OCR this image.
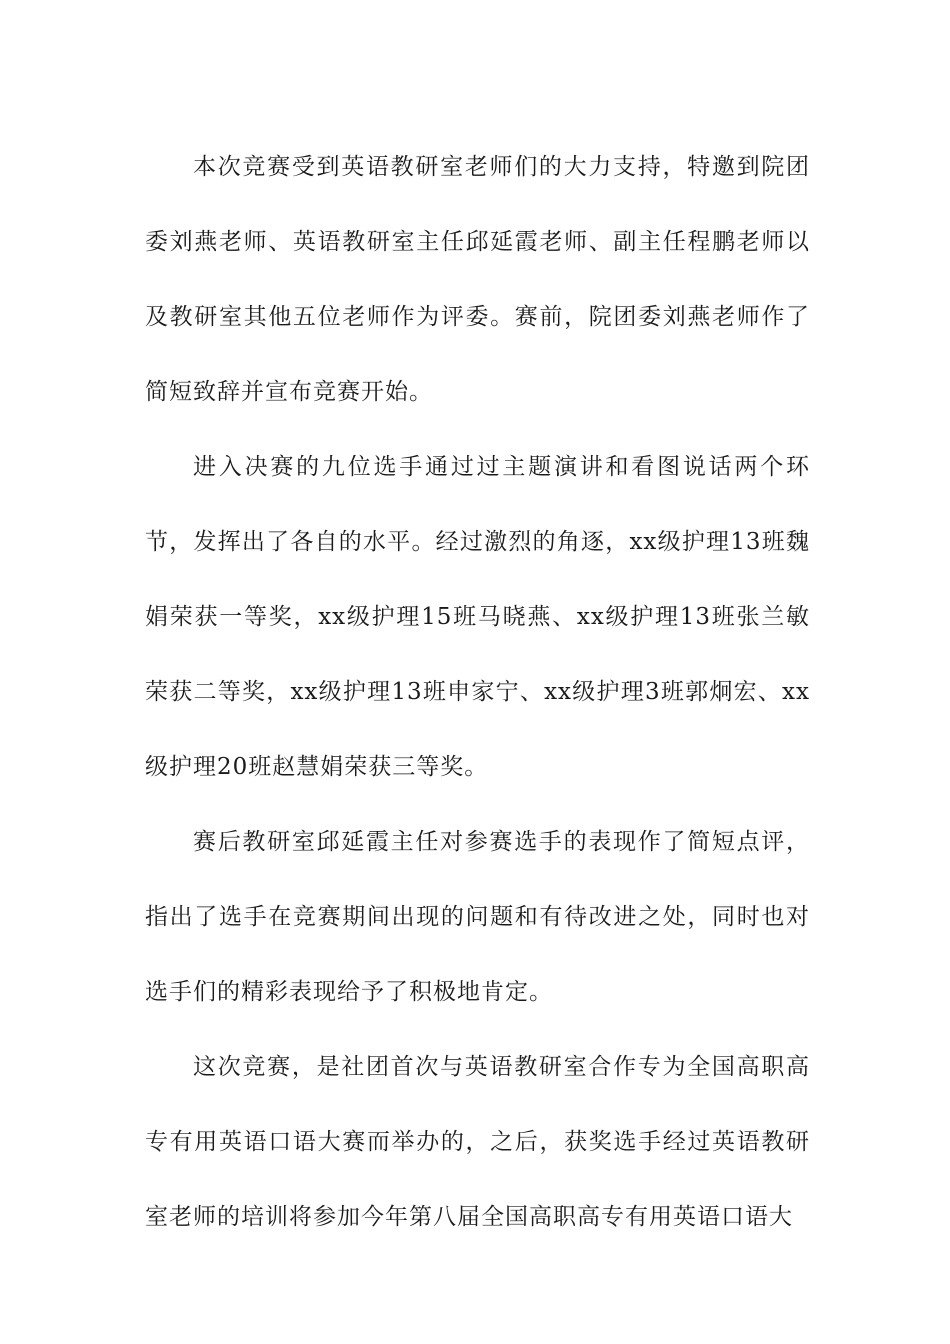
本次竞赛受到英语教研室老师们的大力支持，特邀到院团委刘燕老师、英语教研室主任邱延霞老师、副主任程鹏老师以及教研室其他五位老师作为评委。赛前，院团委刘燕老师作了简短致辞并宣布竞赛开始。

进入决赛的九位选手通过过主题演讲和看图说话两个环节，发挥出了各自的水平。经过激烈的角逐，xx级护理13班魏娟荣获一等奖，xx级护理15班马晓燕、xx级护理13班张兰敏荣获二等奖，xx级护理13班申家宁、xx级护理3班郭炯宏、xx级护理20班赵慧娟荣获三等奖。

赛后教研室邱延霞主任对参赛选手的表现作了简短点评，指出了选手在竞赛期间出现的问题和有待改进之处，同时也对选手们的精彩表现给予了积极地肯定。

这次竞赛，是社团首次与英语教研室合作专为全国高职高专有用英语口语大赛而举办的，之后，获奖选手经过英语教研室老师的培训将参加今年第八届全国高职高专有用英语口语大
